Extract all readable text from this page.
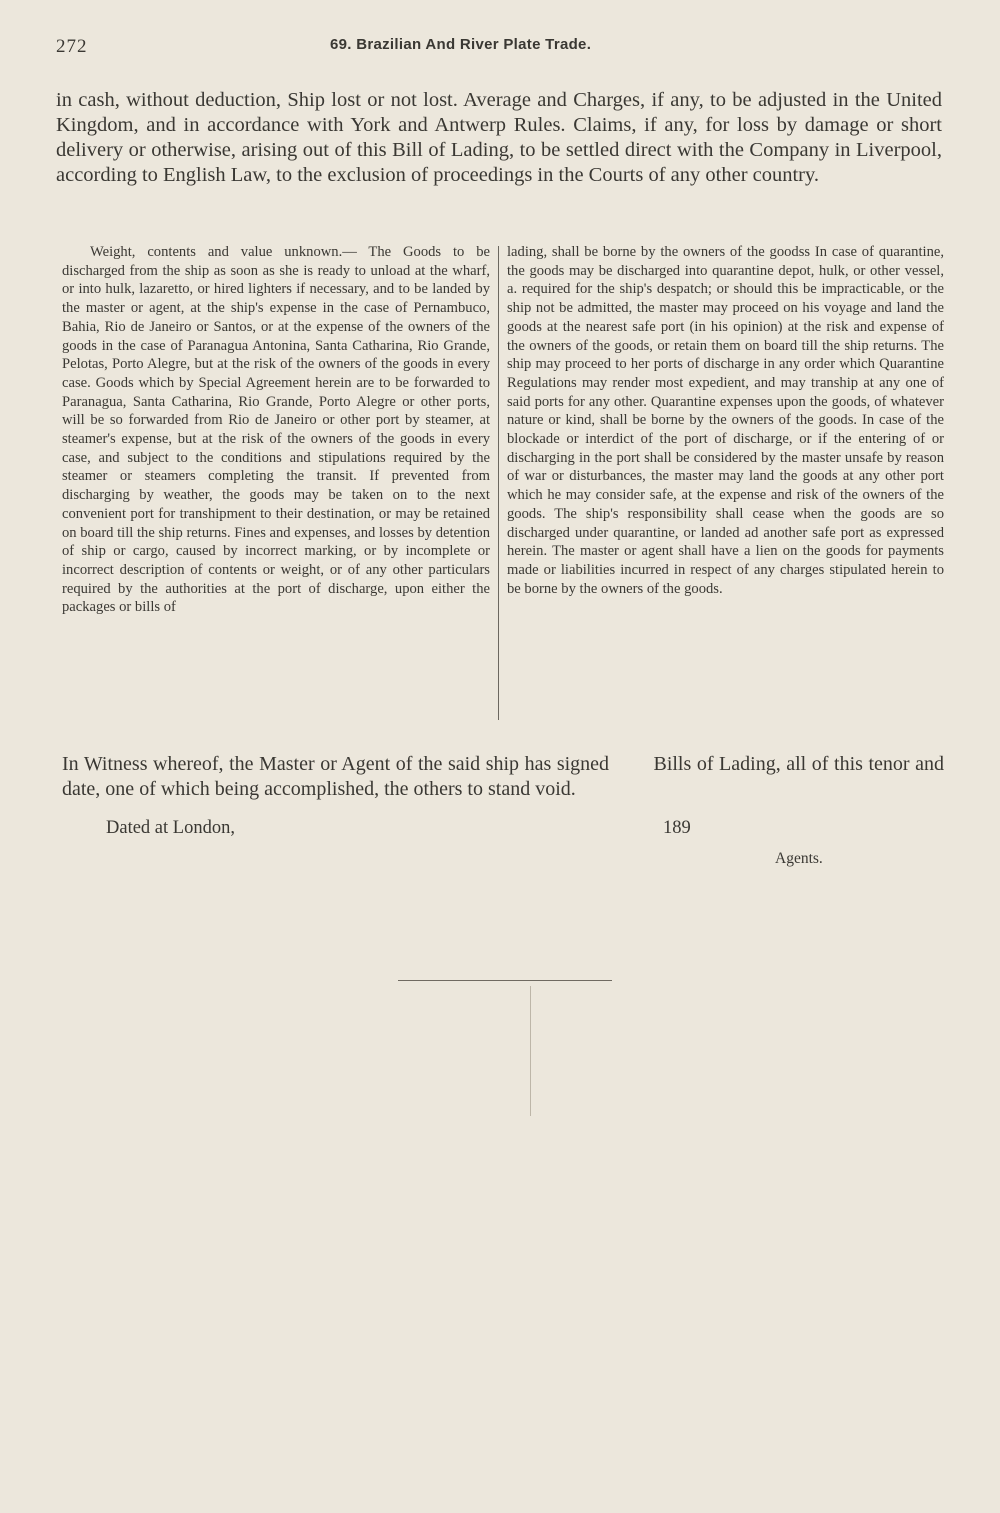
272	69. Brazilian And River Plate Trade.

in cash, without deduction, Ship lost or not lost. Average and Charges, if any, to be adjusted in the United Kingdom, and in accordance with York and Antwerp Rules. Claims, if any, for loss by damage or short delivery or otherwise, arising out of this Bill of Lading, to be settled direct with the Company in Liverpool, according to English Law, to the exclusion of proceedings in the Courts of any other country.

Weight, contents and value unknown.— The Goods to be discharged from the ship as soon as she is ready to unload at the wharf, or into hulk, lazaretto, or hired lighters if necessary, and to be landed by the master or agent, at the ship's expense in the case of Pernambuco, Bahia, Rio de Janeiro or Santos, or at the expense of the owners of the goods in the case of Paranagua Antonina, Santa Catharina, Rio Grande, Pelotas, Porto Alegre, but at the risk of the owners of the goods in every case. Goods which by Special Agreement herein are to be forwarded to Paranagua, Santa Catharina, Rio Grande, Porto Alegre or other ports, will be so forwarded from Rio de Janeiro or other port by steamer, at steamer's expense, but at the risk of the owners of the goods in every case, and subject to the conditions and stipulations required by the steamer or steamers completing the transit. If prevented from discharging by weather, the goods may be taken on to the next convenient port for transhipment to their destination, or may be retained on board till the ship returns. Fines and expenses, and losses by detention of ship or cargo, caused by incorrect marking, or by incomplete or incorrect description of contents or weight, or of any other particulars required by the authorities at the port of discharge, upon either the packages or bills of

lading, shall be borne by the owners of the goodss In case of quarantine, the goods may be discharged into quarantine depot, hulk, or other vessel, a. required for the ship's despatch; or should this be impracticable, or the ship not be admitted, the master may proceed on his voyage and land the goods at the nearest safe port (in his opinion) at the risk and expense of the owners of the goods, or retain them on board till the ship returns. The ship may proceed to her ports of discharge in any order which Quarantine Regulations may render most expedient, and may tranship at any one of said ports for any other. Quarantine expenses upon the goods, of whatever nature or kind, shall be borne by the owners of the goods. In case of the blockade or interdict of the port of discharge, or if the entering of or discharging in the port shall be considered by the master unsafe by reason of war or disturbances, the master may land the goods at any other port which he may consider safe, at the expense and risk of the owners of the goods. The ship's responsibility shall cease when the goods are so discharged under quarantine, or landed ad another safe port as expressed herein. The master or agent shall have a lien on the goods for payments made or liabilities incurred in respect of any charges stipulated herein to be borne by the owners of the goods.

In Witness whereof, the Master or Agent of the said ship has signed        Bills of Lading, all of this tenor and date, one of which being accomplished, the others to stand void.

Dated at London,	189
Agents.
